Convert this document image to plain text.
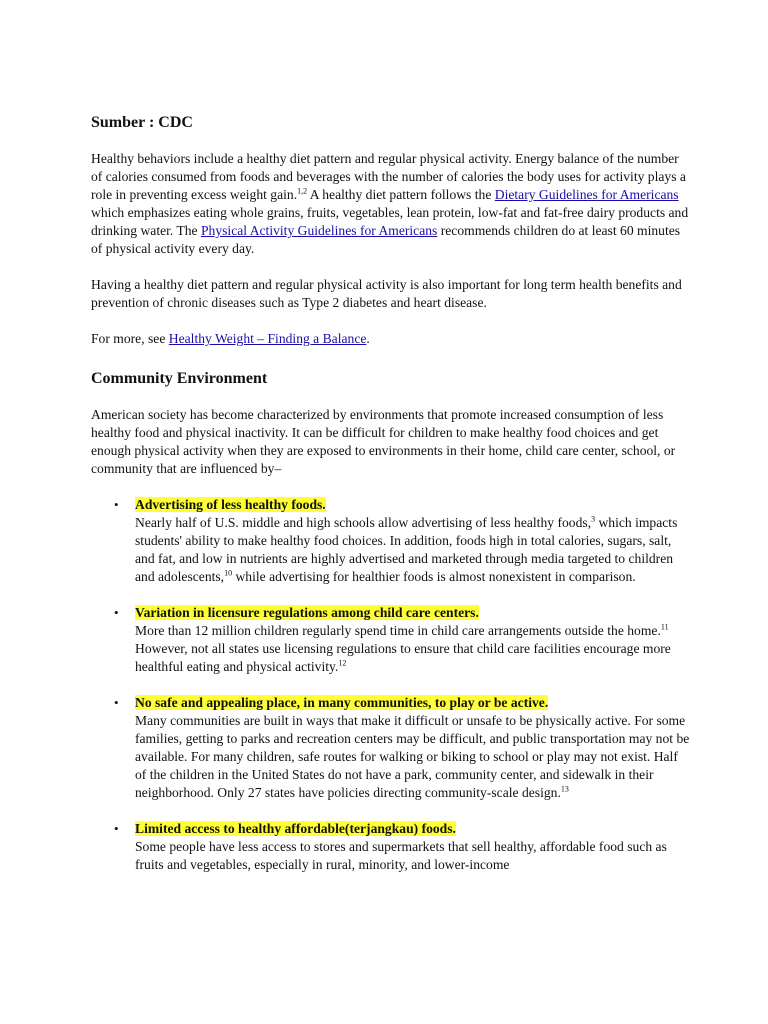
Sumber : CDC

Healthy behaviors include a healthy diet pattern and regular physical activity. Energy balance of the number of calories consumed from foods and beverages with the number of calories the body uses for activity plays a role in preventing excess weight gain.$^{1,2}$ A healthy diet pattern follows the Dietary Guidelines for Americans which emphasizes eating whole grains, fruits, vegetables, lean protein, low-fat and fat-free dairy products and drinking water. The Physical Activity Guidelines for Americans recommends children do at least 60 minutes of physical activity every day.

Having a healthy diet pattern and regular physical activity is also important for long term health benefits and prevention of chronic diseases such as Type 2 diabetes and heart disease.

For more, see Healthy Weight – Finding a Balance.

Community Environment

American society has become characterized by environments that promote increased consumption of less healthy food and physical inactivity. It can be difficult for children to make healthy food choices and get enough physical activity when they are exposed to environments in their home, child care center, school, or community that are influenced by–

• Advertising of less healthy foods.
Nearly half of U.S. middle and high schools allow advertising of less healthy foods,$^3$ which impacts students' ability to make healthy food choices. In addition, foods high in total calories, sugars, salt, and fat, and low in nutrients are highly advertised and marketed through media targeted to children and adolescents,$^{10}$ while advertising for healthier foods is almost nonexistent in comparison.
• Variation in licensure regulations among child care centers.
More than 12 million children regularly spend time in child care arrangements outside the home.$^{11}$ However, not all states use licensing regulations to ensure that child care facilities encourage more healthful eating and physical activity.$^{12}$
• No safe and appealing place, in many communities, to play or be active.
Many communities are built in ways that make it difficult or unsafe to be physically active. For some families, getting to parks and recreation centers may be difficult, and public transportation may not be available. For many children, safe routes for walking or biking to school or play may not exist. Half of the children in the United States do not have a park, community center, and sidewalk in their neighborhood. Only 27 states have policies directing community-scale design.$^{13}$
• Limited access to healthy affordable(terjangkau) foods.
Some people have less access to stores and supermarkets that sell healthy, affordable food such as fruits and vegetables, especially in rural, minority, and lower-income
